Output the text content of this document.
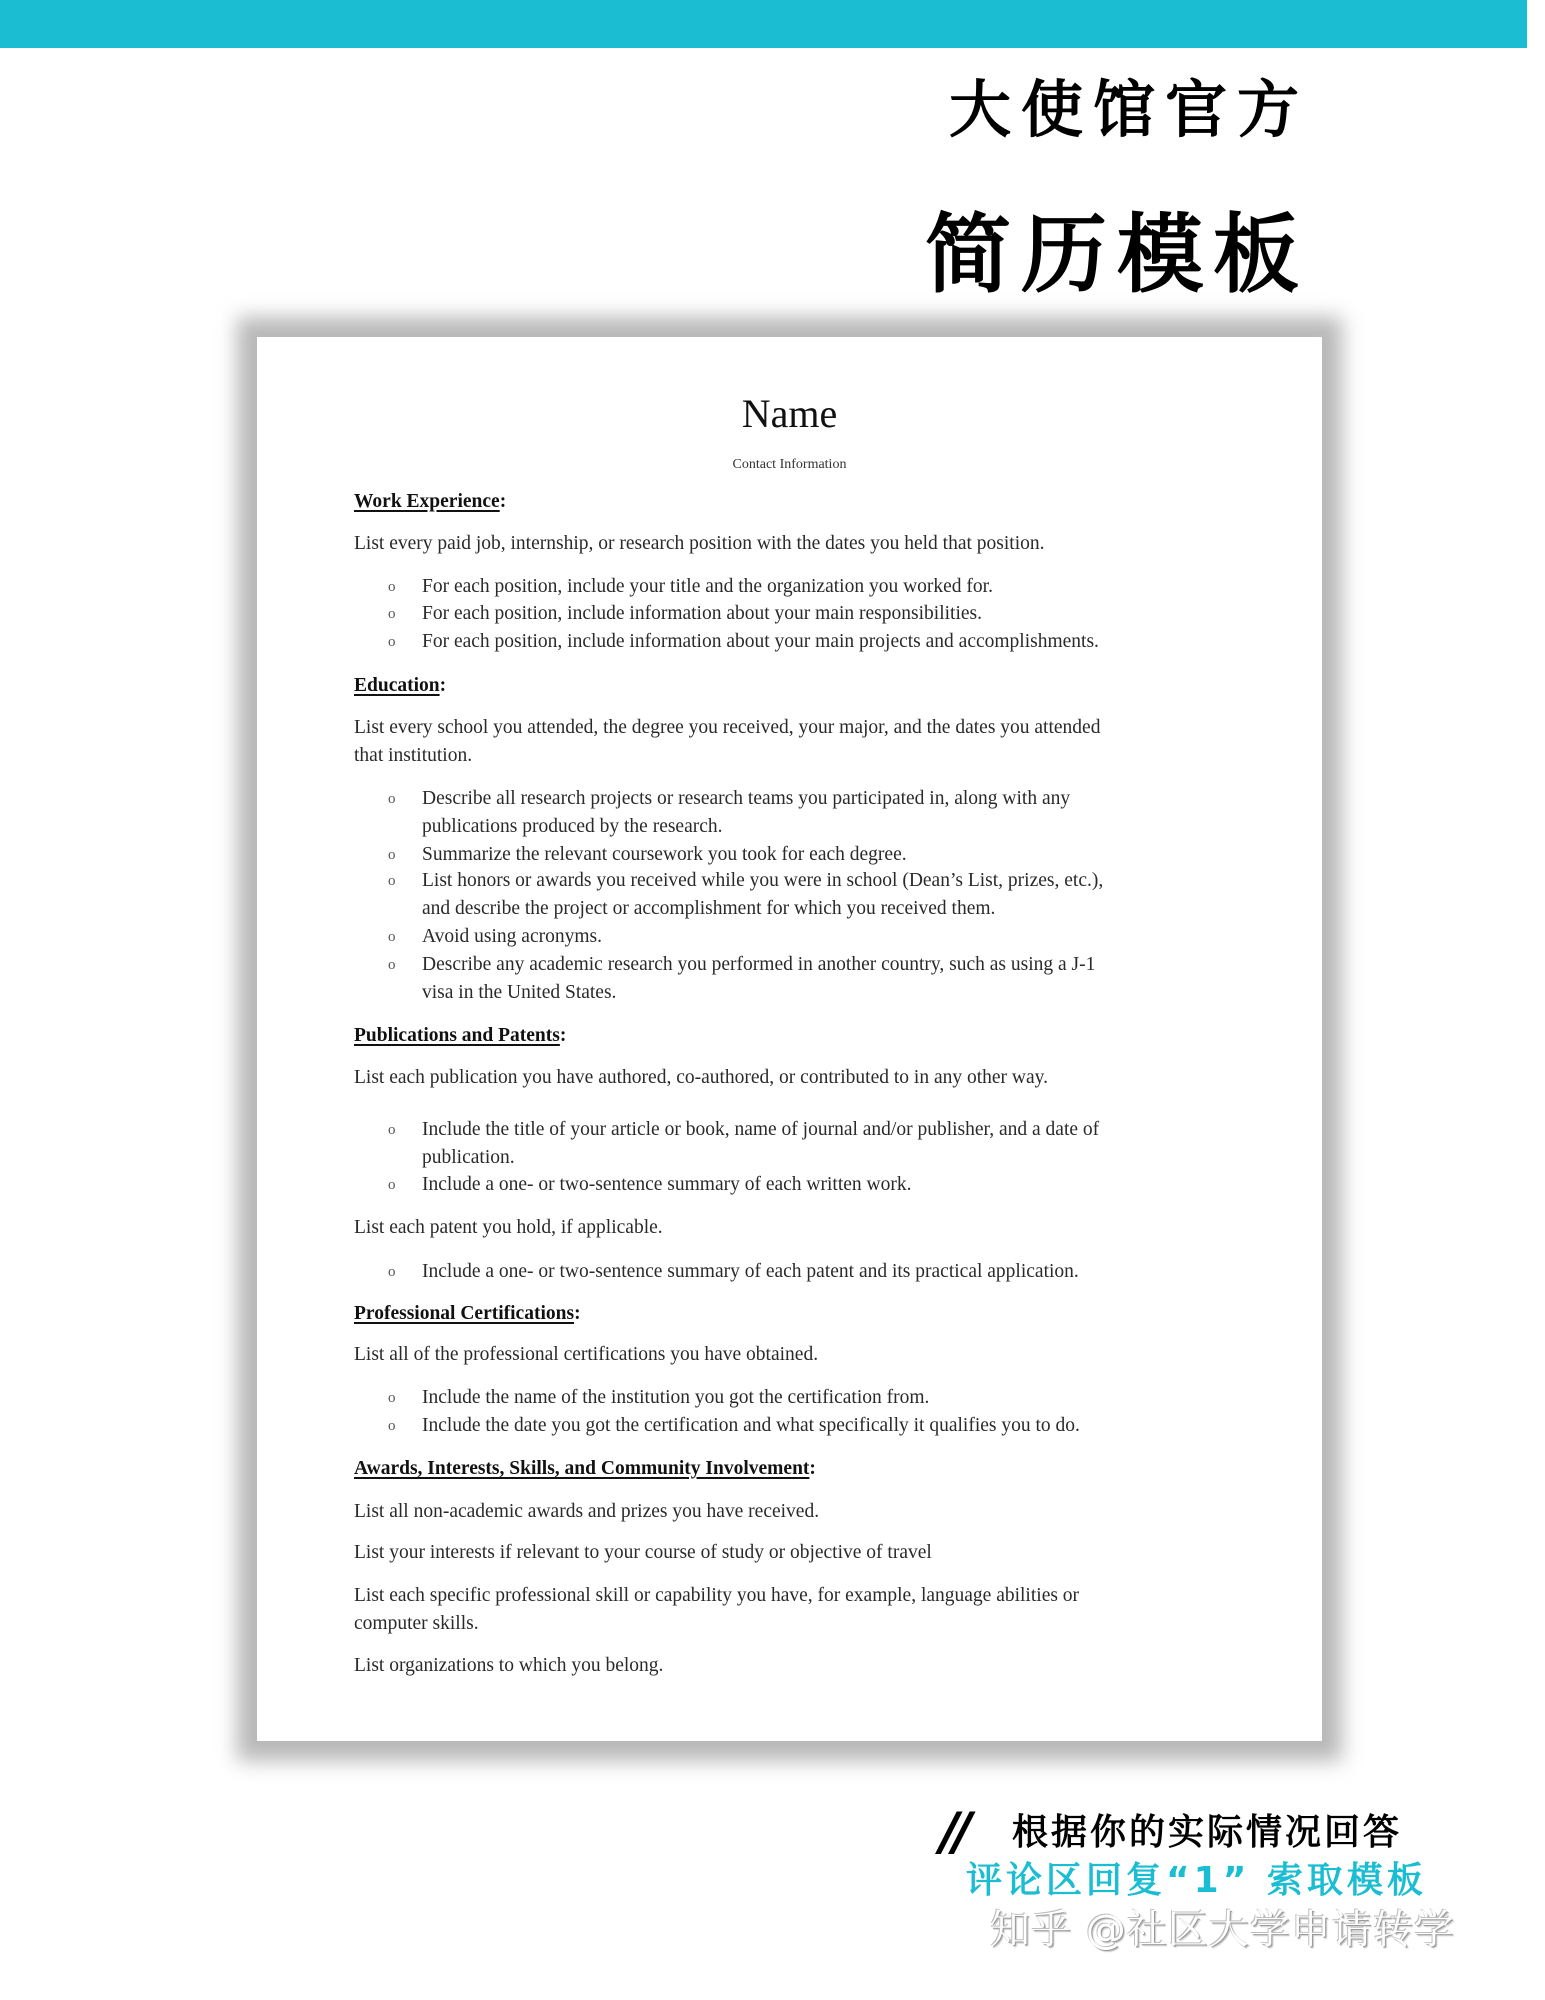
大使馆官方
简历模板
Name
Contact Information
Work Experience:
List every paid job, internship, or research position with the dates you held that position.
o For each position, include your title and the organization you worked for.
o For each position, include information about your main responsibilities.
o For each position, include information about your main projects and accomplishments.
Education:
List every school you attended, the degree you received, your major, and the dates you attended
that institution.
o Describe all research projects or research teams you participated in, along with any
publications produced by the research.
o Summarize the relevant coursework you took for each degree.
o List honors or awards you received while you were in school (Dean’s List, prizes, etc.),
and describe the project or accomplishment for which you received them.
o Avoid using acronyms.
o Describe any academic research you performed in another country, such as using a J-1
visa in the United States.
Publications and Patents:
List each publication you have authored, co-authored, or contributed to in any other way.
o Include the title of your article or book, name of journal and/or publisher, and a date of
publication.
o Include a one- or two-sentence summary of each written work.
List each patent you hold, if applicable.
o Include a one- or two-sentence summary of each patent and its practical application.
Professional Certifications:
List all of the professional certifications you have obtained.
o Include the name of the institution you got the certification from.
o Include the date you got the certification and what specifically it qualifies you to do.
Awards, Interests, Skills, and Community Involvement:
List all non-academic awards and prizes you have received.
List your interests if relevant to your course of study or objective of travel
List each specific professional skill or capability you have, for example, language abilities or
computer skills.
List organizations to which you belong.
// 根据你的实际情况回答
评论区回复“1” 索取模板
知乎 @社区大学申请转学
